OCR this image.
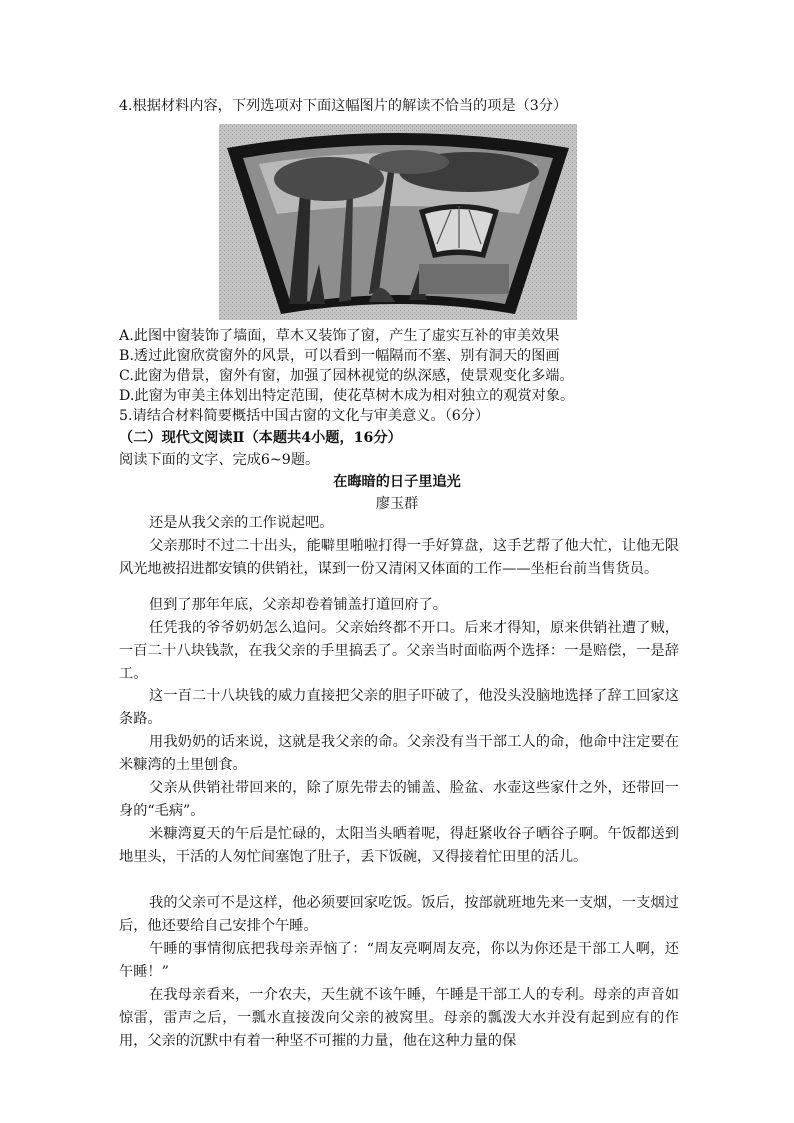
4.根据材料内容，下列选项对下面这幅图片的解读不恰当的项是（3分）
A.此图中窗装饰了墙面，草木又装饰了窗，产生了虚实互补的审美效果
B.透过此窗欣赏窗外的风景，可以看到一幅隔而不塞、别有洞天的图画
C.此窗为借景，窗外有窗，加强了园林视觉的纵深感，使景观变化多端。
D.此窗为审美主体划出特定范围，使花草树木成为相对独立的观赏对象。
5.请结合材料简要概括中国古窗的文化与审美意义。（6分）
（二）现代文阅读Ⅱ（本题共4小题，16分）
阅读下面的文字、完成6~9题。
在晦暗的日子里追光
廖玉群
还是从我父亲的工作说起吧。
父亲那时不过二十出头，能噼里啪啦打得一手好算盘，这手艺帮了他大忙，让他无限风光地被招进都安镇的供销社，谋到一份又清闲又体面的工作——坐柜台前当售货员。
但到了那年年底，父亲却卷着铺盖打道回府了。
任凭我的爷爷奶奶怎么追问。父亲始终都不开口。后来才得知，原来供销社遭了贼，一百二十八块钱款，在我父亲的手里搞丢了。父亲当时面临两个选择：一是赔偿，一是辞工。
这一百二十八块钱的威力直接把父亲的胆子吓破了，他没头没脑地选择了辞工回家这条路。
用我奶奶的话来说，这就是我父亲的命。父亲没有当干部工人的命，他命中注定要在米糠湾的土里刨食。
父亲从供销社带回来的，除了原先带去的铺盖、脸盆、水壶这些家什之外，还带回一身的“毛病”。
米糠湾夏天的午后是忙碌的，太阳当头晒着呢，得赶紧收谷子晒谷子啊。午饭都送到地里头，干活的人匆忙间塞饱了肚子，丢下饭碗，又得接着忙田里的活儿。
我的父亲可不是这样，他必须要回家吃饭。饭后，按部就班地先来一支烟，一支烟过后，他还要给自己安排个午睡。
午睡的事情彻底把我母亲弄恼了：“周友亮啊周友亮，你以为你还是干部工人啊，还午睡！”
在我母亲看来，一介农夫，天生就不该午睡，午睡是干部工人的专利。母亲的声音如惊雷，雷声之后，一瓢水直接泼向父亲的被窝里。母亲的瓢泼大水并没有起到应有的作用，父亲的沉默中有着一种坚不可摧的力量，他在这种力量的保
